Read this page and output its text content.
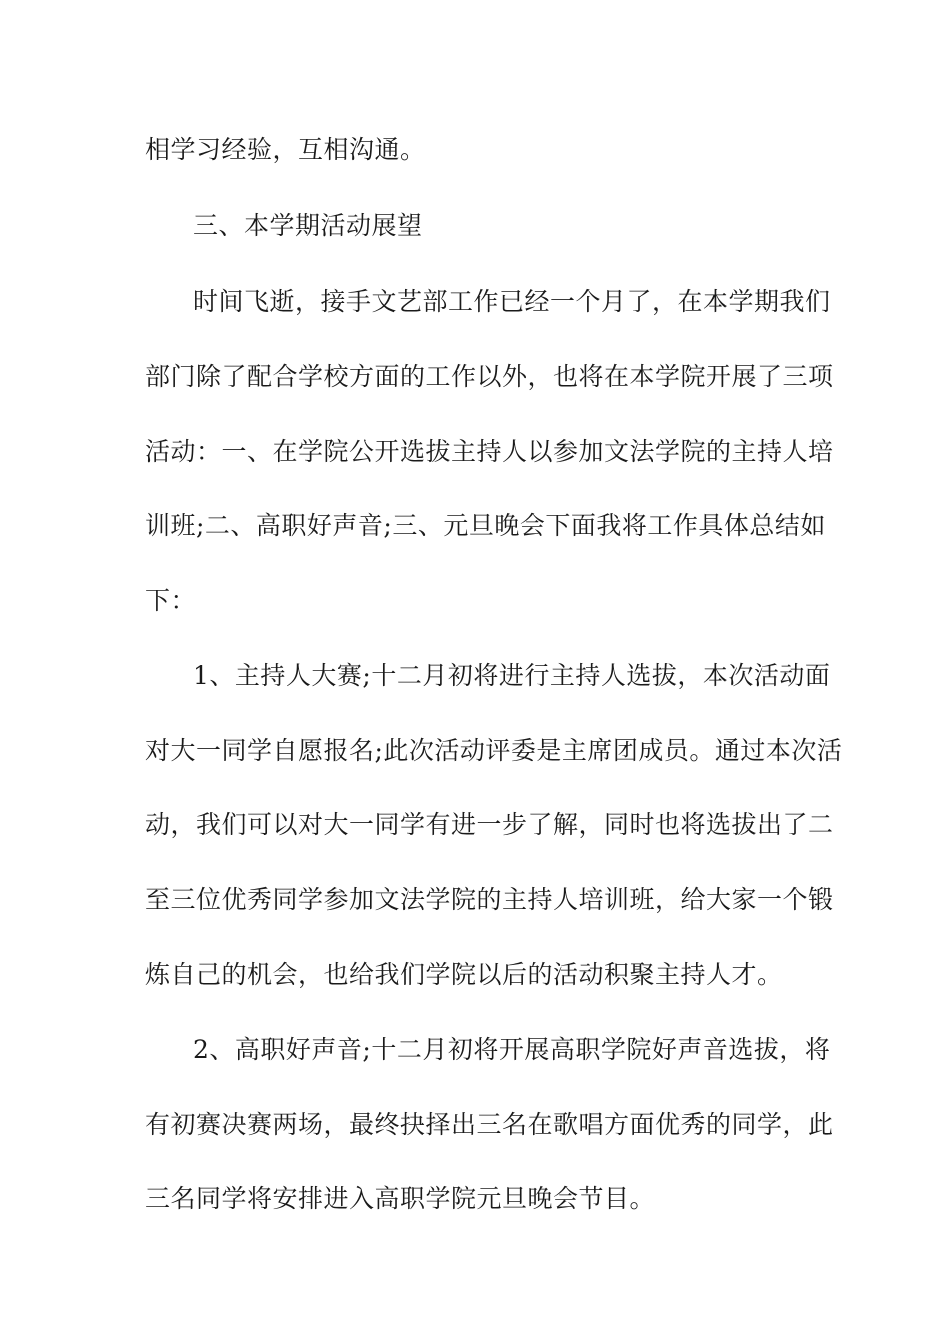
相学习经验，互相沟通。
三、本学期活动展望
时间飞逝，接手文艺部工作已经一个月了，在本学期我们
部门除了配合学校方面的工作以外，也将在本学院开展了三项
活动：一、在学院公开选拔主持人以参加文法学院的主持人培
训班;二、高职好声音;三、元旦晚会下面我将工作具体总结如
下：
1、主持人大赛;十二月初将进行主持人选拔，本次活动面
对大一同学自愿报名;此次活动评委是主席团成员。通过本次活
动，我们可以对大一同学有进一步了解，同时也将选拔出了二
至三位优秀同学参加文法学院的主持人培训班，给大家一个锻
炼自己的机会，也给我们学院以后的活动积聚主持人才。
2、高职好声音;十二月初将开展高职学院好声音选拔，将
有初赛决赛两场，最终抉择出三名在歌唱方面优秀的同学，此
三名同学将安排进入高职学院元旦晚会节目。
